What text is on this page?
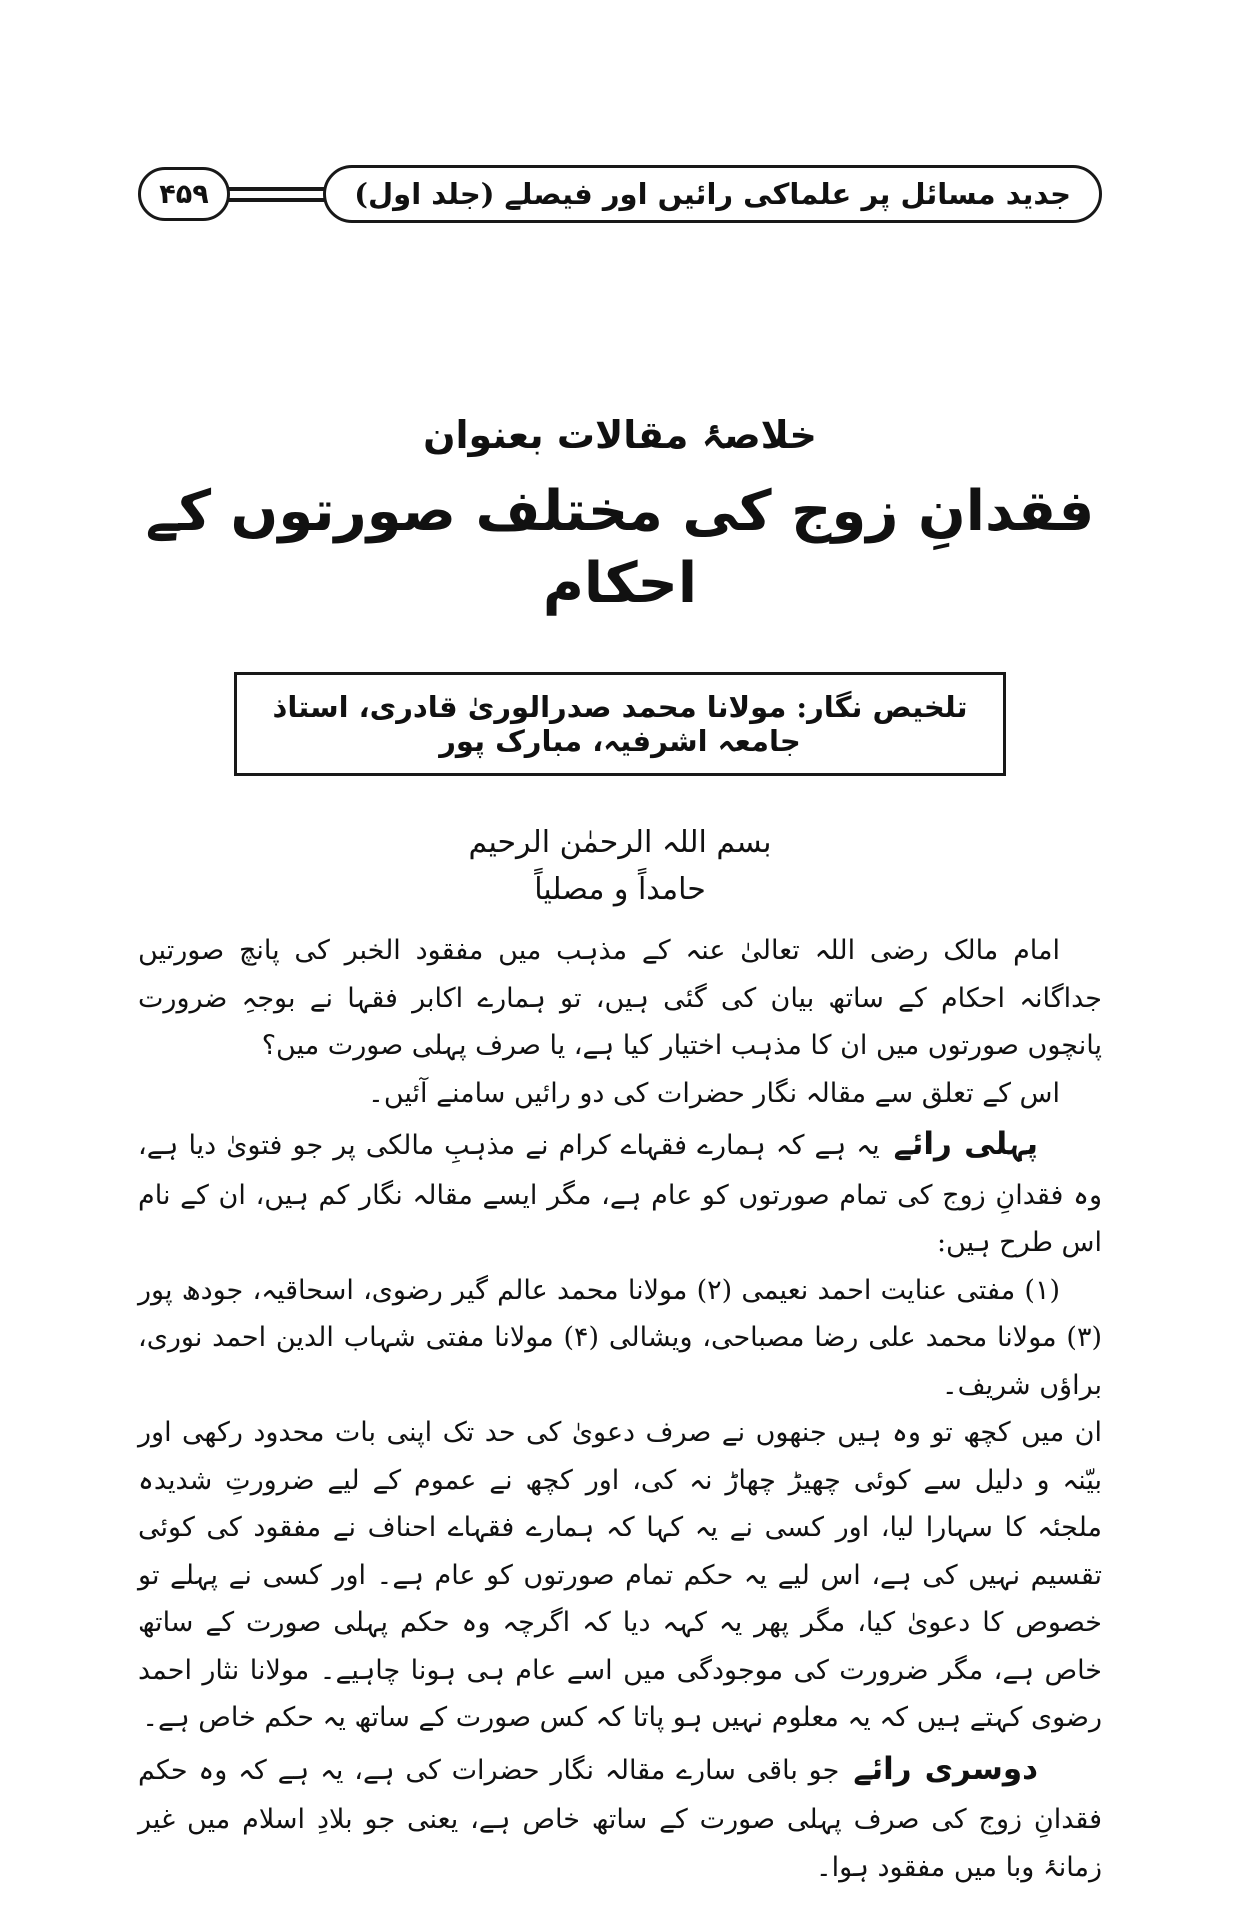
۴۵۹	جدید مسائل پر علماکی رائیں اور فیصلے (جلد اول)
خلاصۂ مقالات بعنوان
فقدانِ زوج کی مختلف صورتوں کے احکام
تلخیص نگار: مولانا محمد صدرالوریٰ قادری، استاذ جامعہ اشرفیہ، مبارک پور
بسم اللہ الرحمٰن الرحیم
حامداً و مصلیاً

امام مالک رضی اللہ تعالیٰ عنہ کے مذہب میں مفقود الخبر کی پانچ صورتیں جداگانہ احکام کے ساتھ بیان کی گئی ہیں، تو ہمارے اکابر فقہا نے بوجہِ ضرورت پانچوں صورتوں میں ان کا مذہب اختیار کیا ہے، یا صرف پہلی صورت میں؟

اس کے تعلق سے مقالہ نگار حضرات کی دو رائیں سامنے آئیں۔

پہلی رائےیہ ہے کہ ہمارے فقہاے کرام نے مذہبِ مالکی پر جو فتویٰ دیا ہے، وہ فقدانِ زوج کی تمام صورتوں کو عام ہے، مگر ایسے مقالہ نگار کم ہیں، ان کے نام اس طرح ہیں:

(۱) مفتی عنایت احمد نعیمی (۲) مولانا محمد عالم گیر رضوی، اسحاقیہ، جودھ پور (۳) مولانا محمد علی رضا مصباحی، ویشالی (۴) مولانا مفتی شہاب الدین احمد نوری، براؤں شریف۔

ان میں کچھ تو وہ ہیں جنھوں نے صرف دعویٰ کی حد تک اپنی بات محدود رکھی اور بیّنہ و دلیل سے کوئی چھیڑ چھاڑ نہ کی، اور کچھ نے عموم کے لیے ضرورتِ شدیدہ ملجئہ کا سہارا لیا، اور کسی نے یہ کہا کہ ہمارے فقہاے احناف نے مفقود کی کوئی تقسیم نہیں کی ہے، اس لیے یہ حکم تمام صورتوں کو عام ہے۔ اور کسی نے پہلے تو خصوص کا دعویٰ کیا، مگر پھر یہ کہہ دیا کہ اگرچہ وہ حکم پہلی صورت کے ساتھ خاص ہے، مگر ضرورت کی موجودگی میں اسے عام ہی ہونا چاہیے۔ مولانا نثار احمد رضوی کہتے ہیں کہ یہ معلوم نہیں ہو پاتا کہ کس صورت کے ساتھ یہ حکم خاص ہے۔

دوسری رائےجو باقی سارے مقالہ نگار حضرات کی ہے، یہ ہے کہ وہ حکم فقدانِ زوج کی صرف پہلی صورت کے ساتھ خاص ہے، یعنی جو بلادِ اسلام میں غیر زمانۂ وبا میں مفقود ہوا۔
